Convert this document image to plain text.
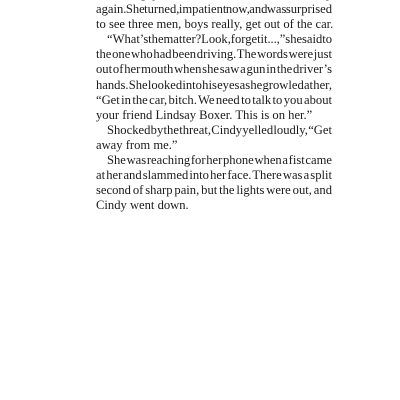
again. She turned, impatient now, and was surprised
to see three men, boys really, get out of the car.
“What’s the matter? Look, forget it . . . ,” she said to
the one who had been driving. The words were just
out of her mouth when she saw a gun in the driver’s
hands. She looked into his eyes as he growled at her,
“Get in the car, bitch. We need to talk to you about
your friend Lindsay Boxer. This is on her.”
Shocked by the threat, Cindy yelled loudly, “Get
away from me.”
She was reaching for her phone when a fist came
at her and slammed into her face. There was a split
second of sharp pain, but the lights were out, and
Cindy went down.
